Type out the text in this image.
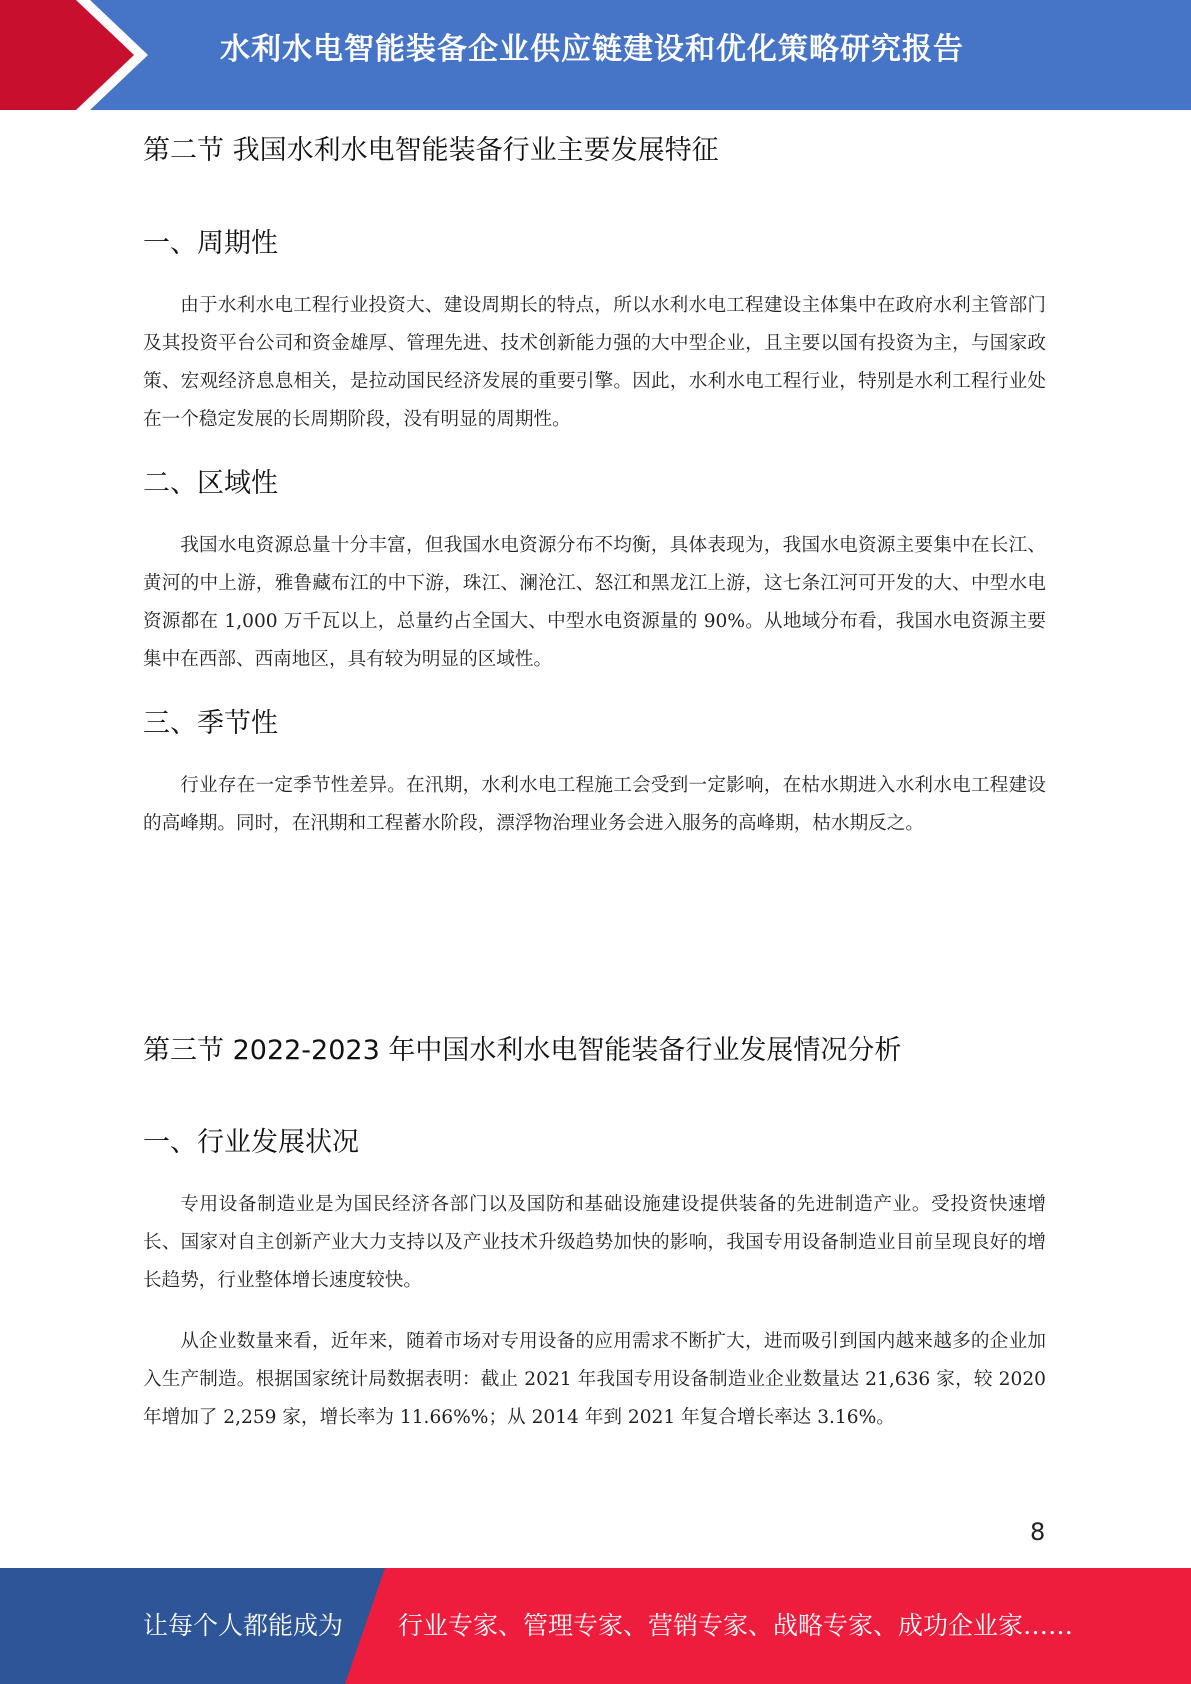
水利水电智能装备企业供应链建设和优化策略研究报告
第二节 我国水利水电智能装备行业主要发展特征
一、周期性

由于水利水电工程行业投资大、建设周期长的特点，所以水利水电工程建设主体集中在政府水利主管部门及其投资平台公司和资金雄厚、管理先进、技术创新能力强的大中型企业，且主要以国有投资为主，与国家政策、宏观经济息息相关，是拉动国民经济发展的重要引擎。因此，水利水电工程行业，特别是水利工程行业处在一个稳定发展的长周期阶段，没有明显的周期性。

二、区域性

我国水电资源总量十分丰富，但我国水电资源分布不均衡，具体表现为，我国水电资源主要集中在长江、黄河的中上游，雅鲁藏布江的中下游，珠江、澜沧江、怒江和黑龙江上游，这七条江河可开发的大、中型水电资源都在 1,000 万千瓦以上，总量约占全国大、中型水电资源量的 90%。从地域分布看，我国水电资源主要集中在西部、西南地区，具有较为明显的区域性。

三、季节性

行业存在一定季节性差异。在汛期，水利水电工程施工会受到一定影响，在枯水期进入水利水电工程建设的高峰期。同时，在汛期和工程蓄水阶段，漂浮物治理业务会进入服务的高峰期，枯水期反之。

第三节 2022-2023 年中国水利水电智能装备行业发展情况分析
一、行业发展状况

专用设备制造业是为国民经济各部门以及国防和基础设施建设提供装备的先进制造产业。受投资快速增长、国家对自主创新产业大力支持以及产业技术升级趋势加快的影响，我国专用设备制造业目前呈现良好的增长趋势，行业整体增长速度较快。

从企业数量来看，近年来，随着市场对专用设备的应用需求不断扩大，进而吸引到国内越来越多的企业加入生产制造。根据国家统计局数据表明：截止 2021 年我国专用设备制造业企业数量达 21,636 家，较 2020 年增加了 2,259 家，增长率为 11.66%%；从 2014 年到 2021 年复合增长率达 3.16%。

8
让每个人都能成为 行业专家、管理专家、营销专家、战略专家、成功企业家……
